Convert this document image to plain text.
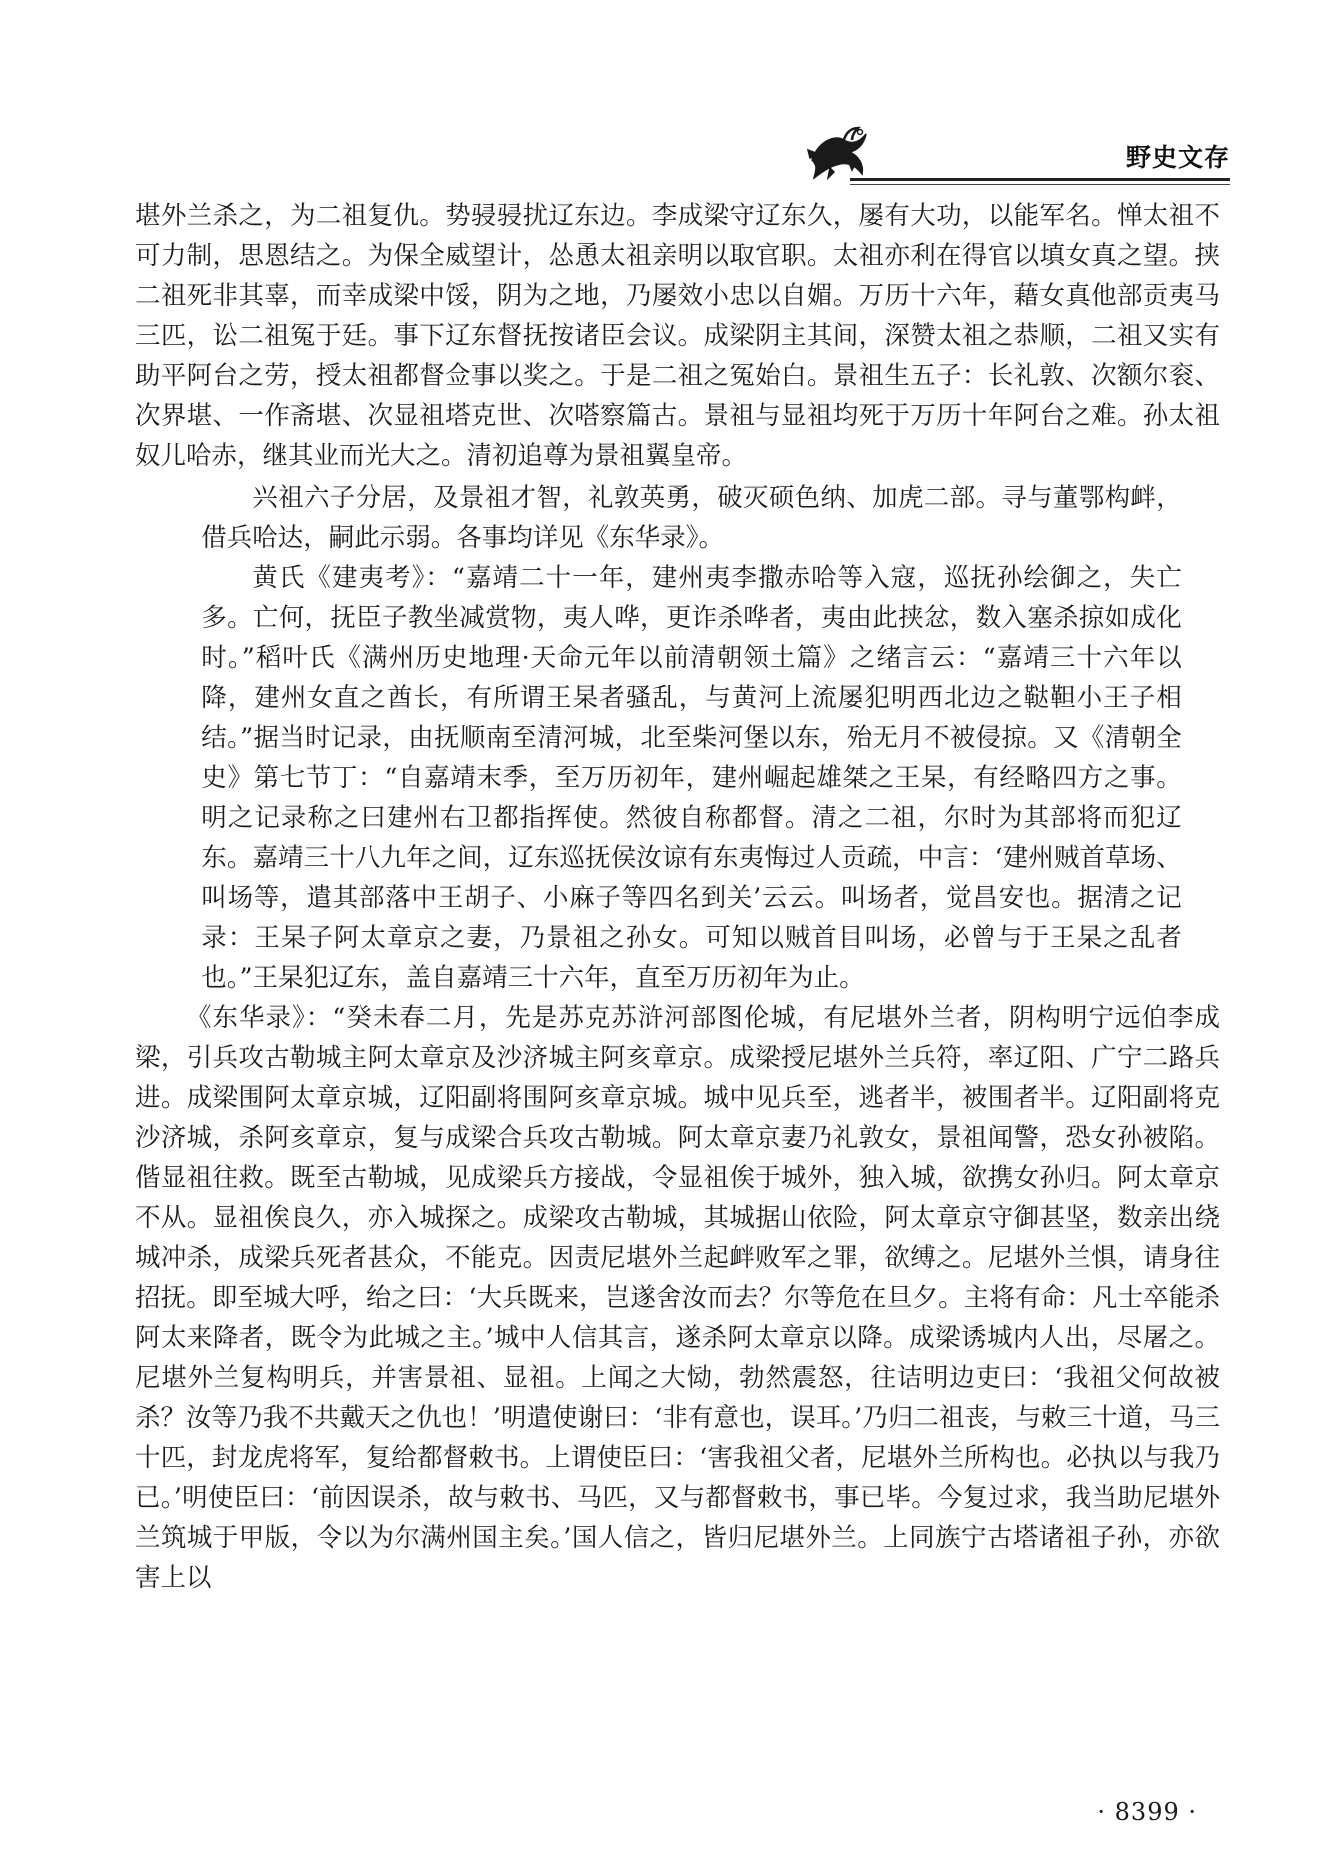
野史文存

堪外兰杀之，为二祖复仇。势骎骎扰辽东边。李成梁守辽东久，屡有大功，以能军名。惮太祖不可力制，思恩结之。为保全威望计，怂恿太祖亲明以取官职。太祖亦利在得官以填女真之望。挟二祖死非其辜，而幸成梁中馁，阴为之地，乃屡效小忠以自媚。万历十六年，藉女真他部贡夷马三匹，讼二祖冤于廷。事下辽东督抚按诸臣会议。成梁阴主其间，深赞太祖之恭顺，二祖又实有助平阿台之劳，授太祖都督佥事以奖之。于是二祖之冤始白。景祖生五子：长礼敦、次额尔衮、次界堪、一作斋堪、次显祖塔克世、次嗒察篇古。景祖与显祖均死于万历十年阿台之难。孙太祖奴儿哈赤，继其业而光大之。清初追尊为景祖翼皇帝。

兴祖六子分居，及景祖才智，礼敦英勇，破灭硕色纳、加虎二部。寻与董鄂构衅，借兵哈达，嗣此示弱。各事均详见《东华录》。

黄氏《建夷考》：“嘉靖二十一年，建州夷李撒赤哈等入寇，巡抚孙绘御之，失亡多。亡何，抚臣子教坐减赏物，夷人哗，更诈杀哗者，夷由此挟忿，数入塞杀掠如成化时。”稻叶氏《满州历史地理·天命元年以前清朝领土篇》之绪言云：“嘉靖三十六年以降，建州女直之酋长，有所谓王杲者骚乱，与黄河上流屡犯明西北边之鞑靼小王子相结。”据当时记录，由抚顺南至清河城，北至柴河堡以东，殆无月不被侵掠。又《清朝全史》第七节丁：“自嘉靖末季，至万历初年，建州崛起雄桀之王杲，有经略四方之事。明之记录称之曰建州右卫都指挥使。然彼自称都督。清之二祖，尔时为其部将而犯辽东。嘉靖三十八九年之间，辽东巡抚侯汝谅有东夷悔过人贡疏，中言：‘建州贼首草场、叫场等，遣其部落中王胡子、小麻子等四名到关’云云。叫场者，觉昌安也。据清之记录：王杲子阿太章京之妻，乃景祖之孙女。可知以贼首目叫场，必曾与于王杲之乱者也。”王杲犯辽东，盖自嘉靖三十六年，直至万历初年为止。

《东华录》：“癸未春二月，先是苏克苏浒河部图伦城，有尼堪外兰者，阴构明宁远伯李成梁，引兵攻古勒城主阿太章京及沙济城主阿亥章京。成梁授尼堪外兰兵符，率辽阳、广宁二路兵进。成梁围阿太章京城，辽阳副将围阿亥章京城。城中见兵至，逃者半，被围者半。辽阳副将克沙济城，杀阿亥章京，复与成梁合兵攻古勒城。阿太章京妻乃礼敦女，景祖闻警，恐女孙被陷。偕显祖往救。既至古勒城，见成梁兵方接战，令显祖俟于城外，独入城，欲携女孙归。阿太章京不从。显祖俟良久，亦入城探之。成梁攻古勒城，其城据山依险，阿太章京守御甚坚，数亲出绕城冲杀，成梁兵死者甚众，不能克。因责尼堪外兰起衅败军之罪，欲缚之。尼堪外兰惧，请身往招抚。即至城大呼，绐之曰：‘大兵既来，岂遂舍汝而去？尔等危在旦夕。主将有命：凡士卒能杀阿太来降者，既令为此城之主。’城中人信其言，遂杀阿太章京以降。成梁诱城内人出，尽屠之。尼堪外兰复构明兵，并害景祖、显祖。上闻之大恸，勃然震怒，往诘明边吏曰：‘我祖父何故被杀？汝等乃我不共戴天之仇也！’明遣使谢曰：‘非有意也，误耳。’乃归二祖丧，与敕三十道，马三十匹，封龙虎将军，复给都督敕书。上谓使臣曰：‘害我祖父者，尼堪外兰所构也。必执以与我乃已。’明使臣曰：‘前因误杀，故与敕书、马匹，又与都督敕书，事已毕。今复过求，我当助尼堪外兰筑城于甲版，令以为尔满州国主矣。’国人信之，皆归尼堪外兰。上同族宁古塔诸祖子孙，亦欲害上以

· 8399 ·
